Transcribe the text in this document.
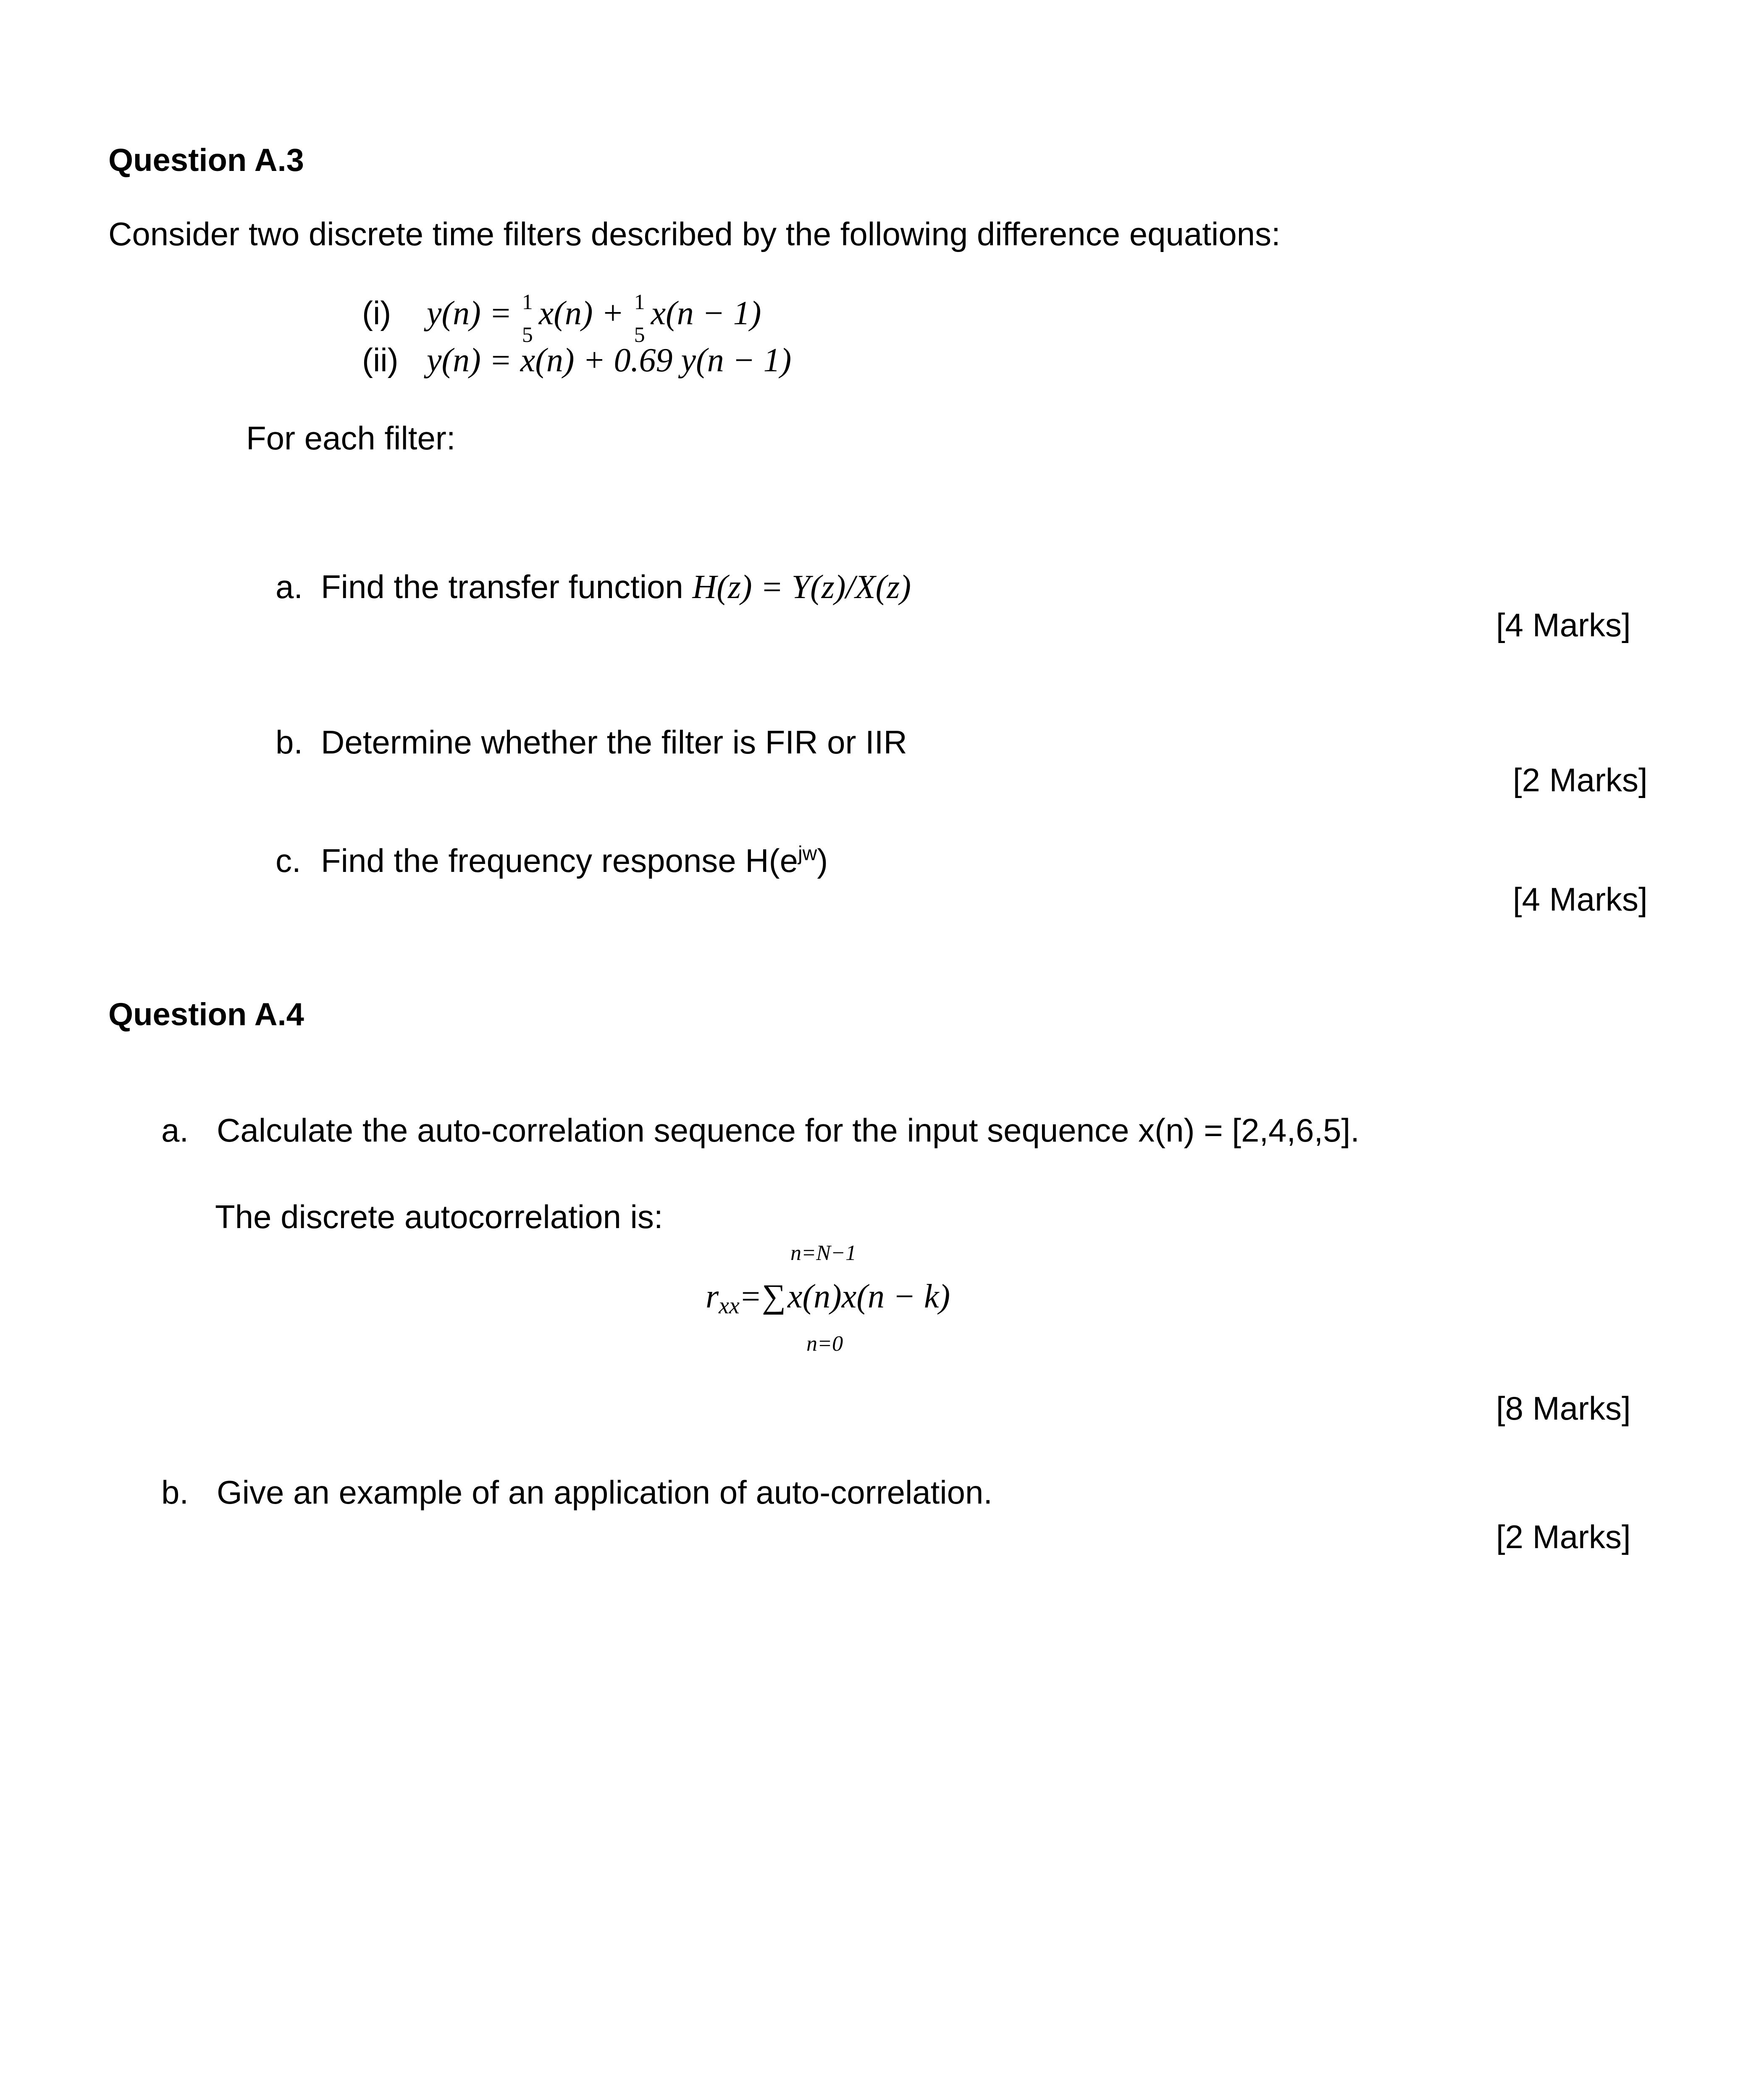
Question A.3
Consider two discrete time filters described by the following difference equations:
(i) y(n) = 1
5
x(n) + 1
5
x(n − 1)
(ii) y(n) = x(n) + 0.69 y(n − 1)
For each filter:
a. Find the transfer function H(z) = Y(z)/X(z)
[4 Marks]
b. Determine whether the filter is FIR or IIR
[2 Marks]
c. Find the frequency response $H(e^{jw})$
[4 Marks]
Question A.4
a. Calculate the auto-correlation sequence for the input sequence x(n) = [2,4,6,5].
The discrete autocorrelation is:
n=N−1
$r_{xx}$ = ∑ x(n)x(n − k)
n=0
[8 Marks]
b. Give an example of an application of auto-correlation.
[2 Marks]
